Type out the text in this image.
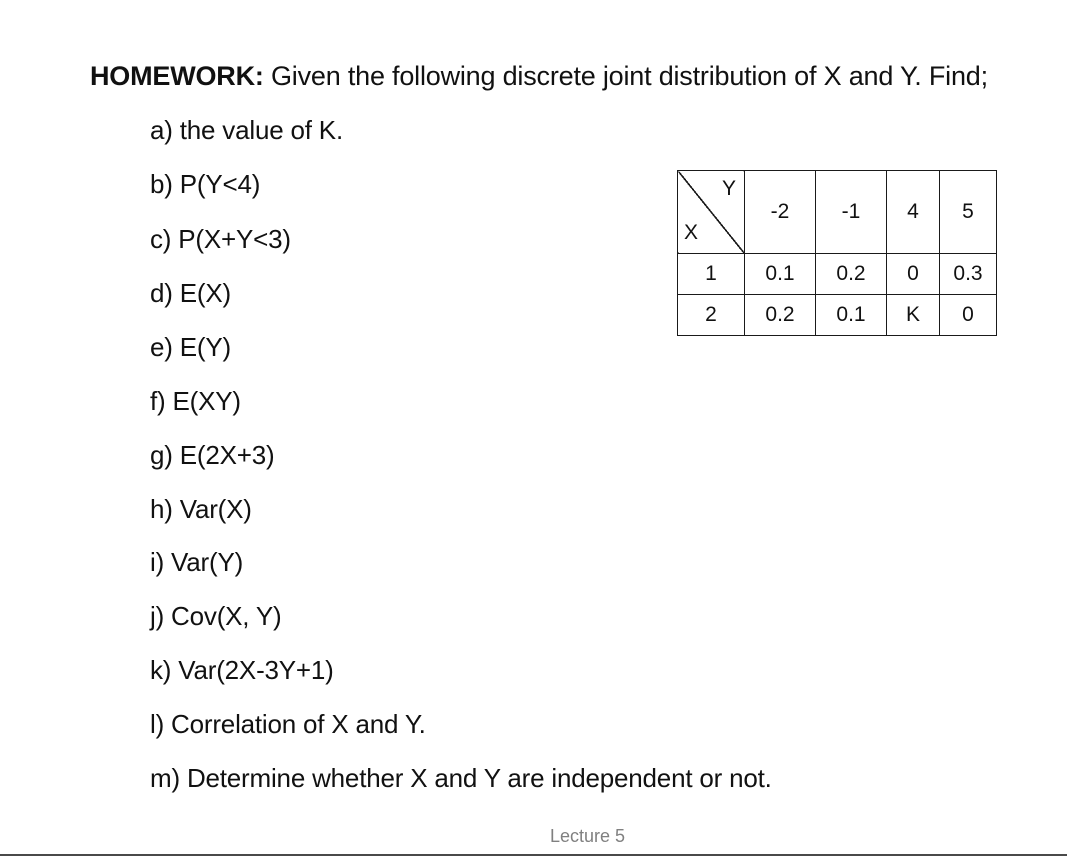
HOMEWORK: Given the following discrete joint distribution of X and Y. Find;
a) the value of K.
b) P(Y<4)
c) P(X+Y<3)
d) E(X)
e) E(Y)
f) E(XY)
g) E(2X+3)
h) Var(X)
i) Var(Y)
j) Cov(X, Y)
k) Var(2X-3Y+1)
l) Correlation of X and Y.
m) Determine whether X and Y are independent or not.
Y
X	-2	-1	4	5
1	0.1	0.2	0	0.3
2	0.2	0.1	K	0
Lecture 5
